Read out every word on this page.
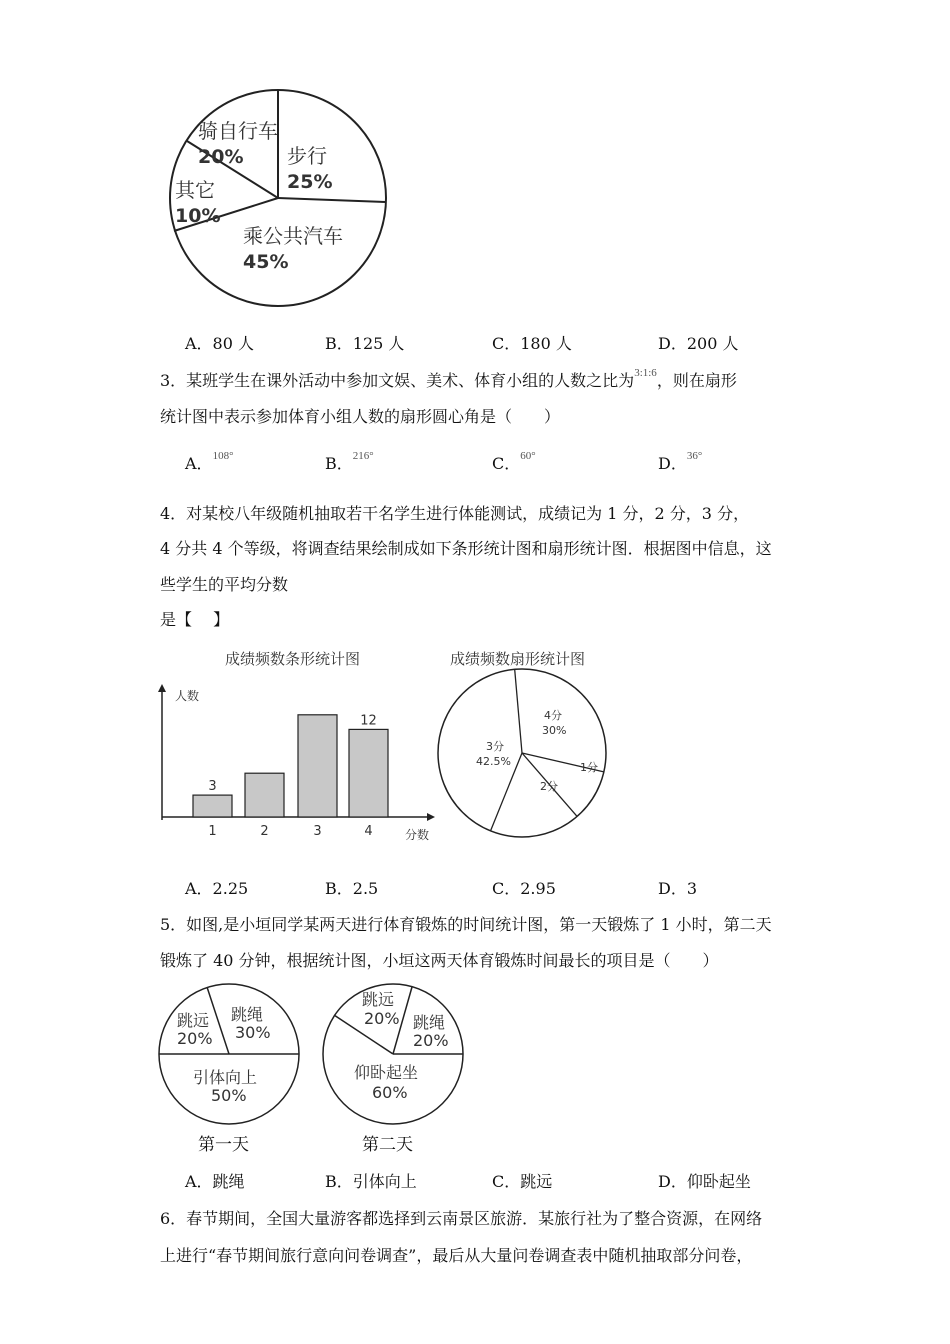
步行
25%
乘公共汽车
45%
其它
10%
骑自行车
20%
A．80 人	B．125 人	C．180 人	D．200 人
3．某班学生在课外活动中参加文娱、美术、体育小组的人数之比为$^{3:1:6}$，则在扇形
统计图中表示参加体育小组人数的扇形圆心角是（　　）
A．$^{108^\circ}$	B．$^{216^\circ}$	C．$^{60^\circ}$	D．$^{36^\circ}$
4．对某校八年级随机抽取若干名学生进行体能测试，成绩记为 1 分，2 分，3 分，
4 分共 4 个等级，将调查结果绘制成如下条形统计图和扇形统计图．根据图中信息，这
些学生的平均分数
是【　 】
成绩频数条形统计图
人数
分数
1
3
2	3	4
12
成绩频数扇形统计图
4分
30%
1分
2分
3分
42.5%
A．2.25	B．2.5	C．2.95	D．3
5．如图,是小垣同学某两天进行体育锻炼的时间统计图，第一天锻炼了 1 小时，第二天
锻炼了 40 分钟，根据统计图，小垣这两天体育锻炼时间最长的项目是（　　）
跳远
20%
跳绳
30%
引体向上
50%
第一天
跳远
20% 跳绳
20%
仰卧起坐
60%
第二天
A．跳绳	B．引体向上	C．跳远	D．仰卧起坐
6．春节期间，全国大量游客都选择到云南景区旅游．某旅行社为了整合资源，在网络
上进行“春节期间旅行意向问卷调查”，最后从大量问卷调查表中随机抽取部分问卷，
